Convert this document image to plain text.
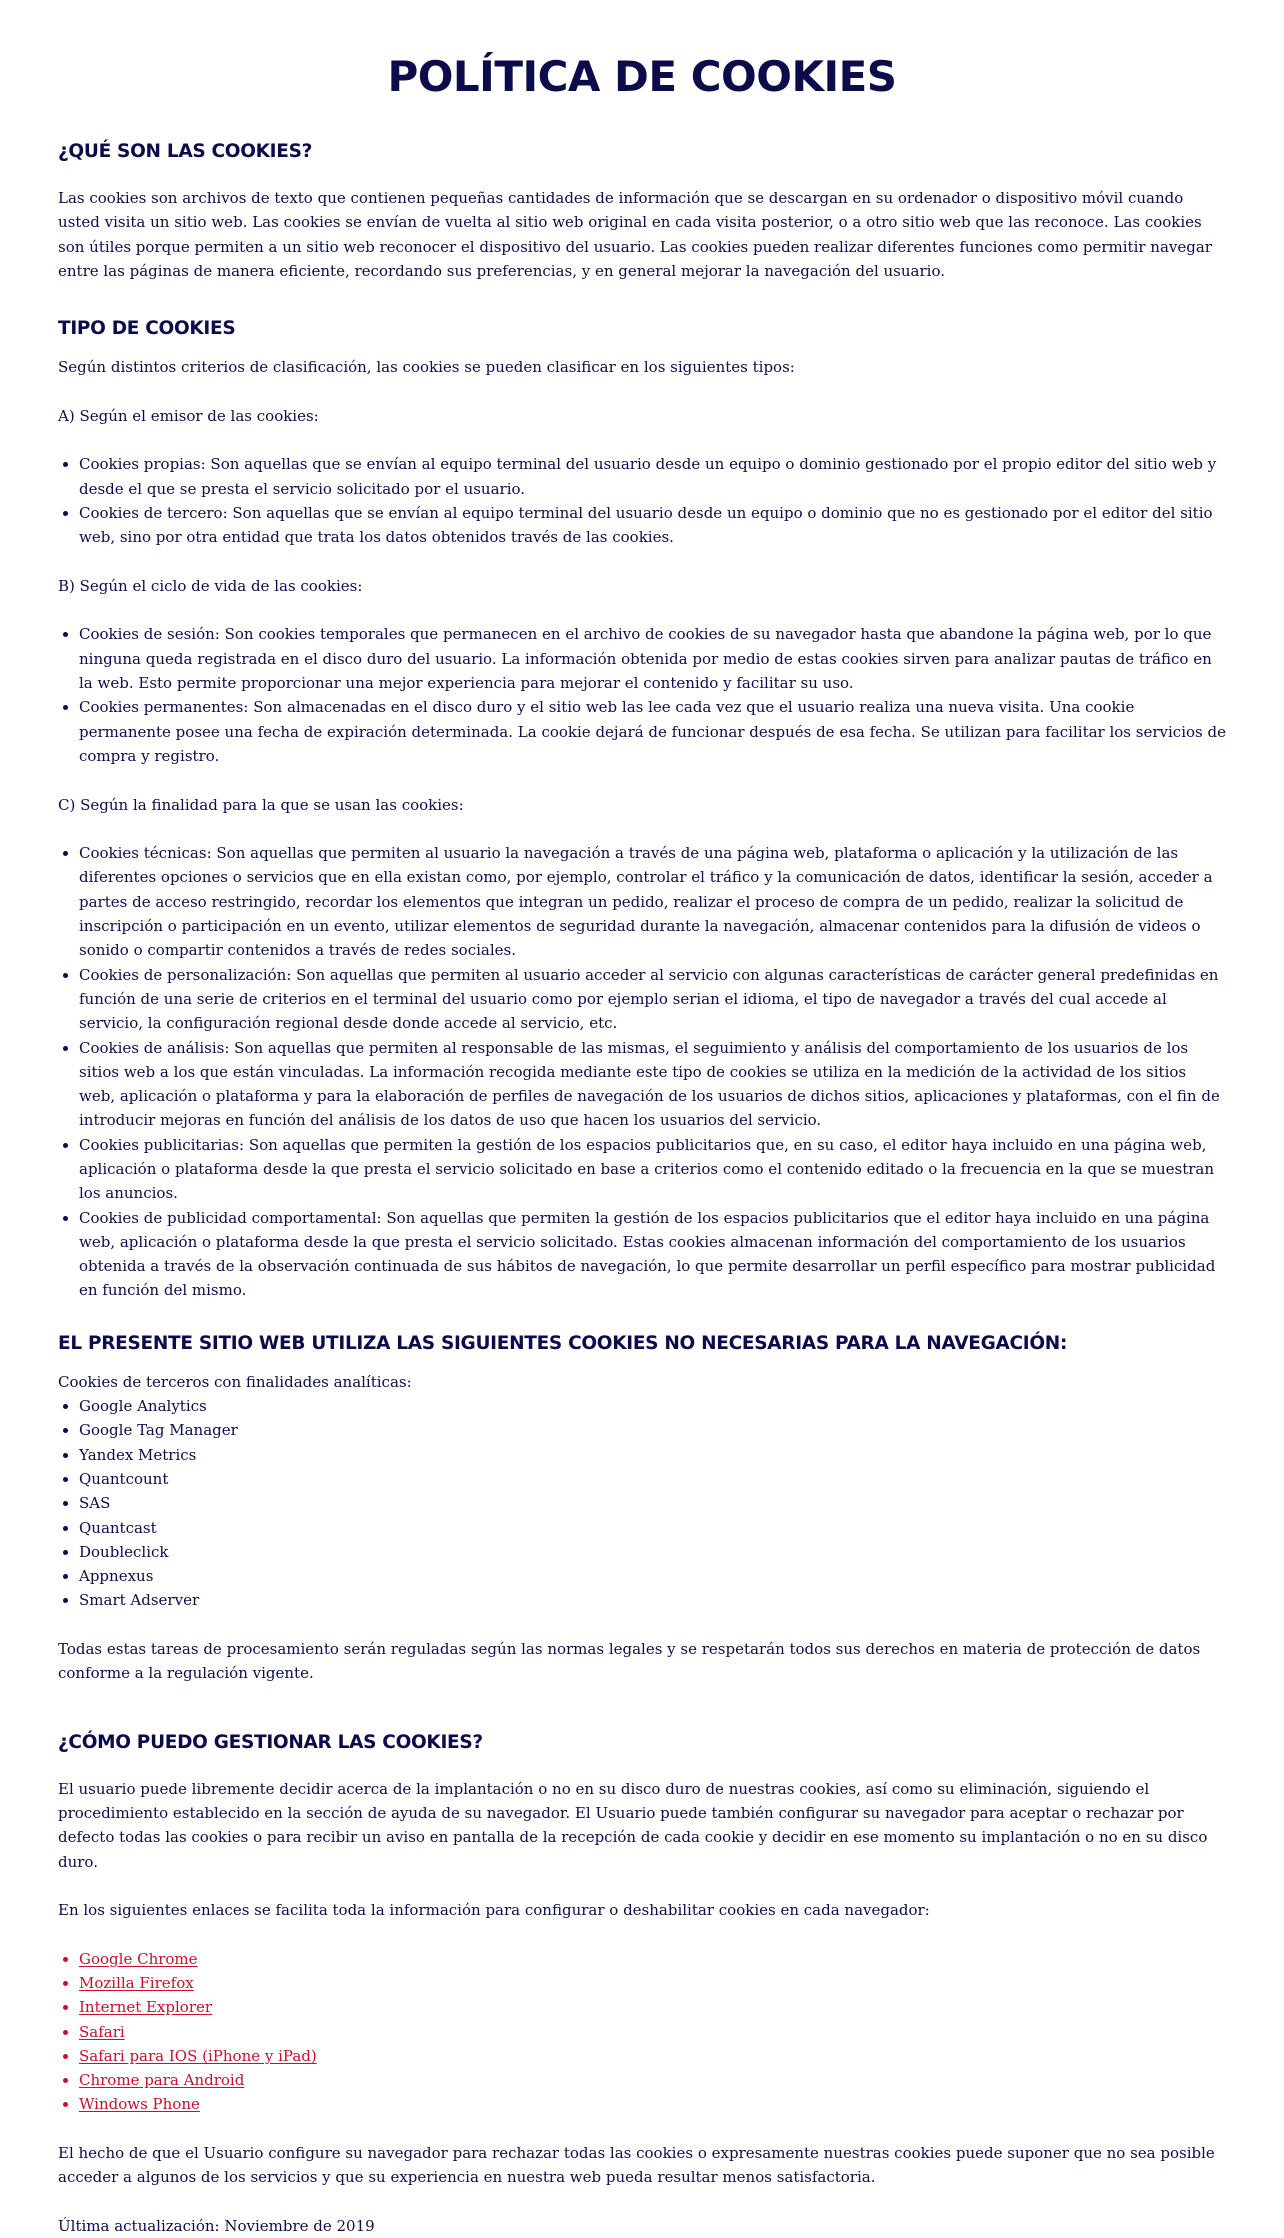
POLÍTICA DE COOKIES
¿QUÉ SON LAS COOKIES?

Las cookies son archivos de texto que contienen pequeñas cantidades de información que se descargan en su ordenador o dispositivo móvil cuando usted visita un sitio web. Las cookies se envían de vuelta al sitio web original en cada visita posterior, o a otro sitio web que las reconoce. Las cookies son útiles porque permiten a un sitio web reconocer el dispositivo del usuario. Las cookies pueden realizar diferentes funciones como permitir navegar entre las páginas de manera eficiente, recordando sus preferencias, y en general mejorar la navegación del usuario.

TIPO DE COOKIES

Según distintos criterios de clasificación, las cookies se pueden clasificar en los siguientes tipos:

A) Según el emisor de las cookies:

• Cookies propias: Son aquellas que se envían al equipo terminal del usuario desde un equipo o dominio gestionado por el propio editor del sitio web y desde el que se presta el servicio solicitado por el usuario.
• Cookies de tercero: Son aquellas que se envían al equipo terminal del usuario desde un equipo o dominio que no es gestionado por el editor del sitio web, sino por otra entidad que trata los datos obtenidos través de las cookies.

B) Según el ciclo de vida de las cookies:

• Cookies de sesión: Son cookies temporales que permanecen en el archivo de cookies de su navegador hasta que abandone la página web, por lo que ninguna queda registrada en el disco duro del usuario. La información obtenida por medio de estas cookies sirven para analizar pautas de tráfico en la web. Esto permite proporcionar una mejor experiencia para mejorar el contenido y facilitar su uso.
• Cookies permanentes: Son almacenadas en el disco duro y el sitio web las lee cada vez que el usuario realiza una nueva visita. Una cookie permanente posee una fecha de expiración determinada. La cookie dejará de funcionar después de esa fecha. Se utilizan para facilitar los servicios de compra y registro.

C) Según la finalidad para la que se usan las cookies:

• Cookies técnicas: Son aquellas que permiten al usuario la navegación a través de una página web, plataforma o aplicación y la utilización de las diferentes opciones o servicios que en ella existan como, por ejemplo, controlar el tráfico y la comunicación de datos, identificar la sesión, acceder a partes de acceso restringido, recordar los elementos que integran un pedido, realizar el proceso de compra de un pedido, realizar la solicitud de inscripción o participación en un evento, utilizar elementos de seguridad durante la navegación, almacenar contenidos para la difusión de videos o sonido o compartir contenidos a través de redes sociales.
• Cookies de personalización: Son aquellas que permiten al usuario acceder al servicio con algunas características de carácter general predefinidas en función de una serie de criterios en el terminal del usuario como por ejemplo serian el idioma, el tipo de navegador a través del cual accede al servicio, la configuración regional desde donde accede al servicio, etc.
• Cookies de análisis: Son aquellas que permiten al responsable de las mismas, el seguimiento y análisis del comportamiento de los usuarios de los sitios web a los que están vinculadas. La información recogida mediante este tipo de cookies se utiliza en la medición de la actividad de los sitios web, aplicación o plataforma y para la elaboración de perfiles de navegación de los usuarios de dichos sitios, aplicaciones y plataformas, con el fin de introducir mejoras en función del análisis de los datos de uso que hacen los usuarios del servicio.
• Cookies publicitarias: Son aquellas que permiten la gestión de los espacios publicitarios que, en su caso, el editor haya incluido en una página web, aplicación o plataforma desde la que presta el servicio solicitado en base a criterios como el contenido editado o la frecuencia en la que se muestran los anuncios.
• Cookies de publicidad comportamental: Son aquellas que permiten la gestión de los espacios publicitarios que el editor haya incluido en una página web, aplicación o plataforma desde la que presta el servicio solicitado. Estas cookies almacenan información del comportamiento de los usuarios obtenida a través de la observación continuada de sus hábitos de navegación, lo que permite desarrollar un perfil específico para mostrar publicidad en función del mismo.
EL PRESENTE SITIO WEB UTILIZA LAS SIGUIENTES COOKIES NO NECESARIAS PARA LA NAVEGACIÓN:

Cookies de terceros con finalidades analíticas:

• Google Analytics
• Google Tag Manager
• Yandex Metrics
• Quantcount
• SAS
• Quantcast
• Doubleclick
• Appnexus
• Smart Adserver

Todas estas tareas de procesamiento serán reguladas según las normas legales y se respetarán todos sus derechos en materia de protección de datos conforme a la regulación vigente.

¿CÓMO PUEDO GESTIONAR LAS COOKIES?

El usuario puede libremente decidir acerca de la implantación o no en su disco duro de nuestras cookies, así como su eliminación, siguiendo el procedimiento establecido en la sección de ayuda de su navegador. El Usuario puede también configurar su navegador para aceptar o rechazar por defecto todas las cookies o para recibir un aviso en pantalla de la recepción de cada cookie y decidir en ese momento su implantación o no en su disco duro.

En los siguientes enlaces se facilita toda la información para configurar o deshabilitar cookies en cada navegador:

• Google Chrome
• Mozilla Firefox
• Internet Explorer
• Safari
• Safari para IOS (iPhone y iPad)
• Chrome para Android
• Windows Phone

El hecho de que el Usuario configure su navegador para rechazar todas las cookies o expresamente nuestras cookies puede suponer que no sea posible acceder a algunos de los servicios y que su experiencia en nuestra web pueda resultar menos satisfactoria.

Última actualización: Noviembre de 2019
